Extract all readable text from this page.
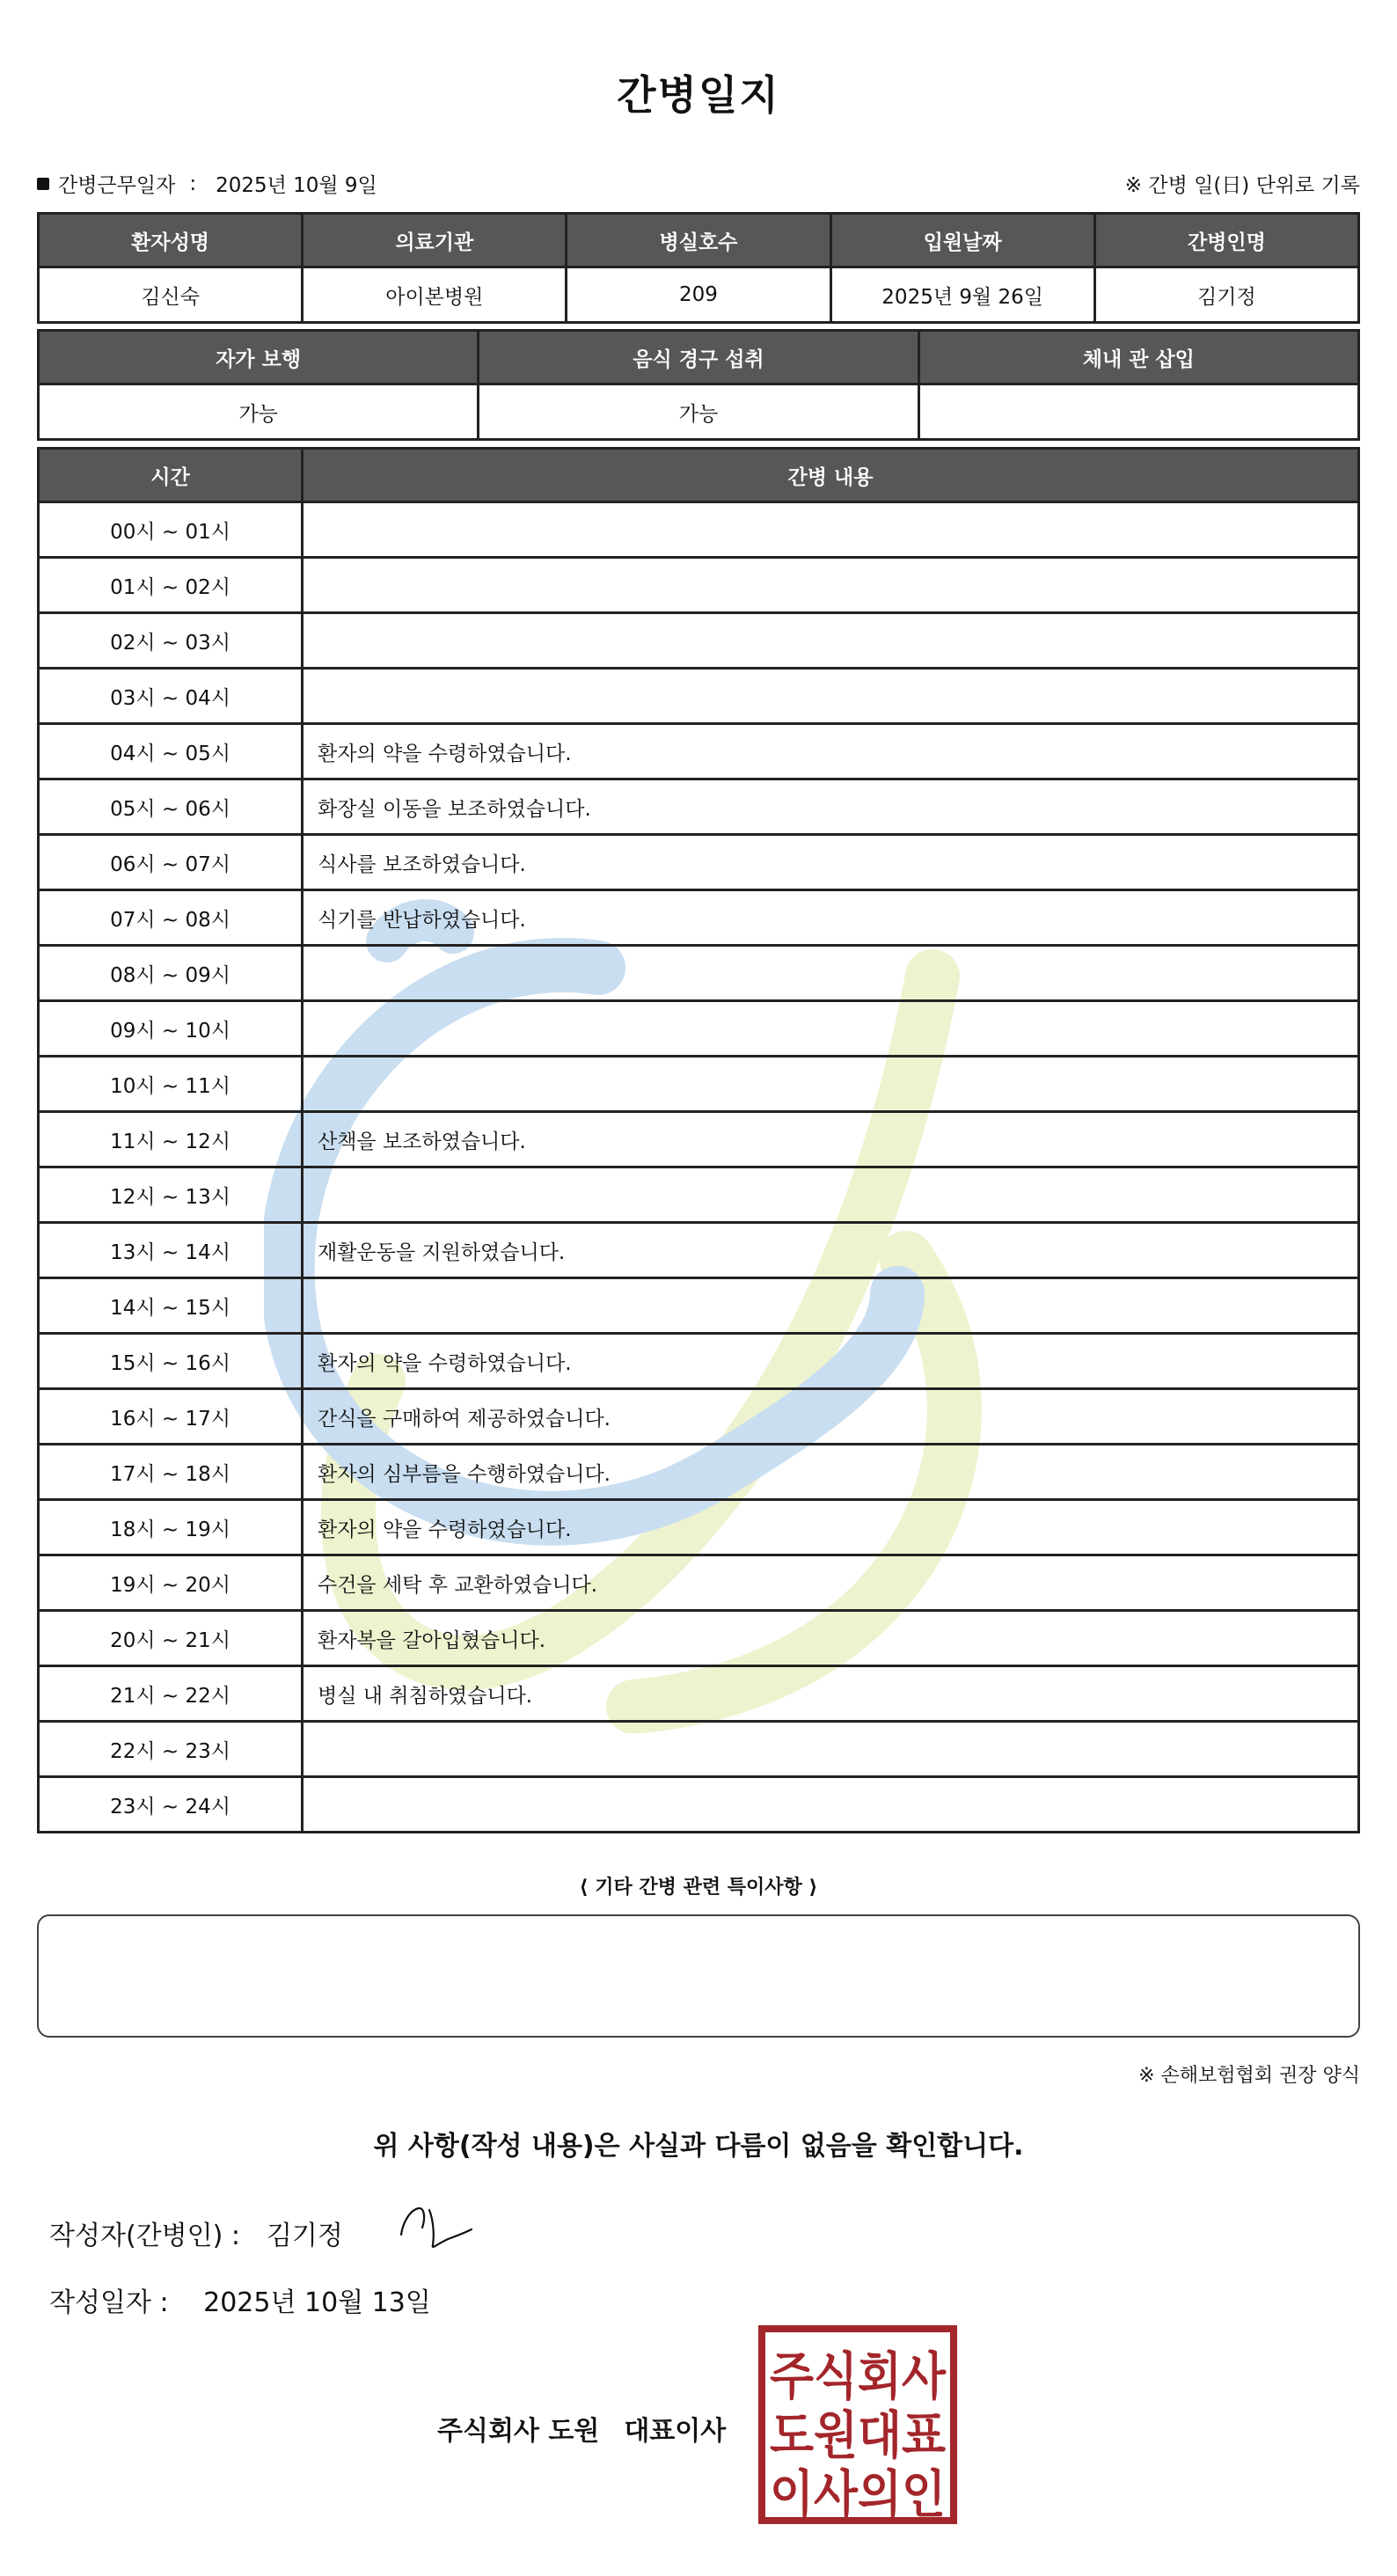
간병일지
간병근무일자 : 2025년 10월 9일	※ 간병 일(日) 단위로 기록
환자성명	의료기관	병실호수	입원날짜	간병인명
김신숙	아이본병원	209	2025년 9월 26일	김기정
자가 보행	음식 경구 섭취	체내 관 삽입
가능	가능	
시간	간병 내용
00시 ~ 01시	
01시 ~ 02시	
02시 ~ 03시	
03시 ~ 04시	
04시 ~ 05시	환자의 약을 수령하였습니다.
05시 ~ 06시	화장실 이동을 보조하였습니다.
06시 ~ 07시	식사를 보조하였습니다.
07시 ~ 08시	식기를 반납하였습니다.
08시 ~ 09시	
09시 ~ 10시	
10시 ~ 11시	
11시 ~ 12시	산책을 보조하였습니다.
12시 ~ 13시	
13시 ~ 14시	재활운동을 지원하였습니다.
14시 ~ 15시	
15시 ~ 16시	환자의 약을 수령하였습니다.
16시 ~ 17시	간식을 구매하여 제공하였습니다.
17시 ~ 18시	환자의 심부름을 수행하였습니다.
18시 ~ 19시	환자의 약을 수령하였습니다.
19시 ~ 20시	수건을 세탁 후 교환하였습니다.
20시 ~ 21시	환자복을 갈아입혔습니다.
21시 ~ 22시	병실 내 취침하였습니다.
22시 ~ 23시	
23시 ~ 24시	
⟨ 기타 간병 관련 특이사항 ⟩
※ 손해보험협회 권장 양식
위 사항(작성 내용)은 사실과 다름이 없음을 확인합니다.
작성자(간병인) : 김기정
작성일자 : 2025년 10월 13일
주식회사 도원 대표이사
주식회사
도원대표
이사의인
